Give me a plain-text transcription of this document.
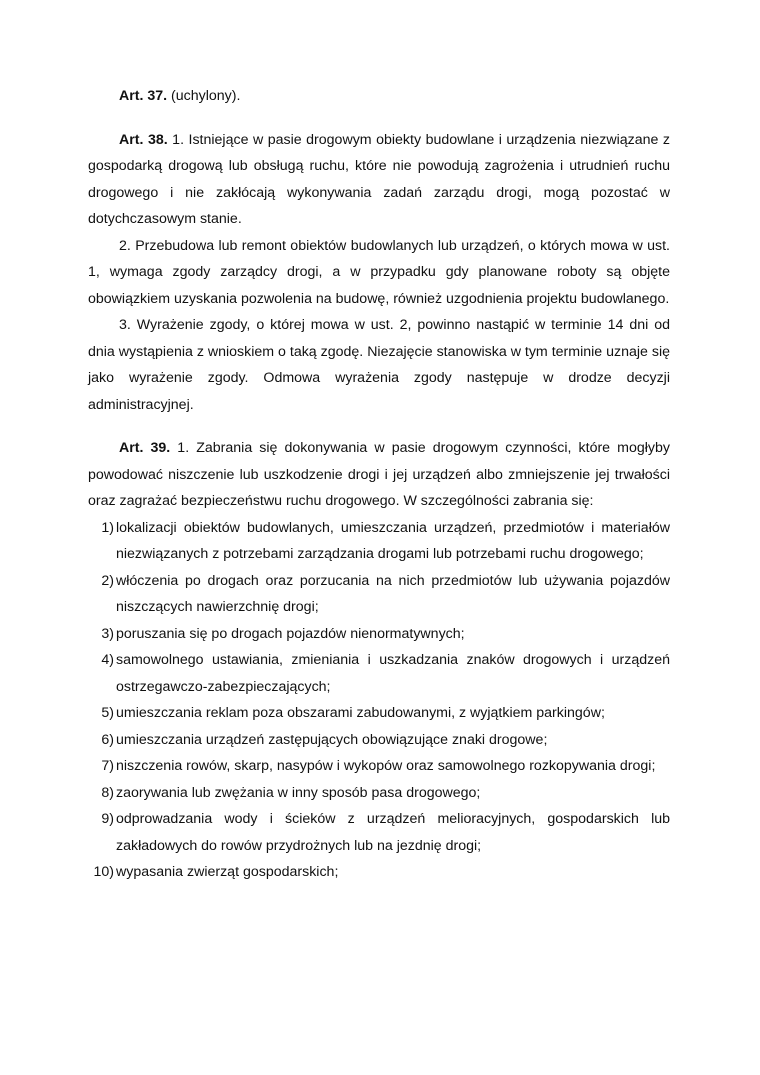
Art. 37. (uchylony).

Art. 38. 1. Istniejące w pasie drogowym obiekty budowlane i urządzenia niezwiązane z gospodarką drogową lub obsługą ruchu, które nie powodują zagrożenia i utrudnień ruchu drogowego i nie zakłócają wykonywania zadań zarządu drogi, mogą pozostać w dotychczasowym stanie.

2. Przebudowa lub remont obiektów budowlanych lub urządzeń, o których mowa w ust. 1, wymaga zgody zarządcy drogi, a w przypadku gdy planowane roboty są objęte obowiązkiem uzyskania pozwolenia na budowę, również uzgodnienia projektu budowlanego.

3. Wyrażenie zgody, o której mowa w ust. 2, powinno nastąpić w terminie 14 dni od dnia wystąpienia z wnioskiem o taką zgodę. Niezajęcie stanowiska w tym terminie uznaje się jako wyrażenie zgody. Odmowa wyrażenia zgody następuje w drodze decyzji administracyjnej.

Art. 39. 1. Zabrania się dokonywania w pasie drogowym czynności, które mogłyby powodować niszczenie lub uszkodzenie drogi i jej urządzeń albo zmniejszenie jej trwałości oraz zagrażać bezpieczeństwu ruchu drogowego. W szczególności zabrania się:

1) lokalizacji obiektów budowlanych, umieszczania urządzeń, przedmiotów i materiałów niezwiązanych z potrzebami zarządzania drogami lub potrzebami ruchu drogowego;
2) włóczenia po drogach oraz porzucania na nich przedmiotów lub używania pojazdów niszczących nawierzchnię drogi;
3) poruszania się po drogach pojazdów nienormatywnych;
4) samowolnego ustawiania, zmieniania i uszkadzania znaków drogowych i urządzeń ostrzegawczo-zabezpieczających;
5) umieszczania reklam poza obszarami zabudowanymi, z wyjątkiem parkingów;
6) umieszczania urządzeń zastępujących obowiązujące znaki drogowe;
7) niszczenia rowów, skarp, nasypów i wykopów oraz samowolnego rozkopywania drogi;
8) zaorywania lub zwężania w inny sposób pasa drogowego;
9) odprowadzania wody i ścieków z urządzeń melioracyjnych, gospodarskich lub zakładowych do rowów przydrożnych lub na jezdnię drogi;
10) wypasania zwierząt gospodarskich;
